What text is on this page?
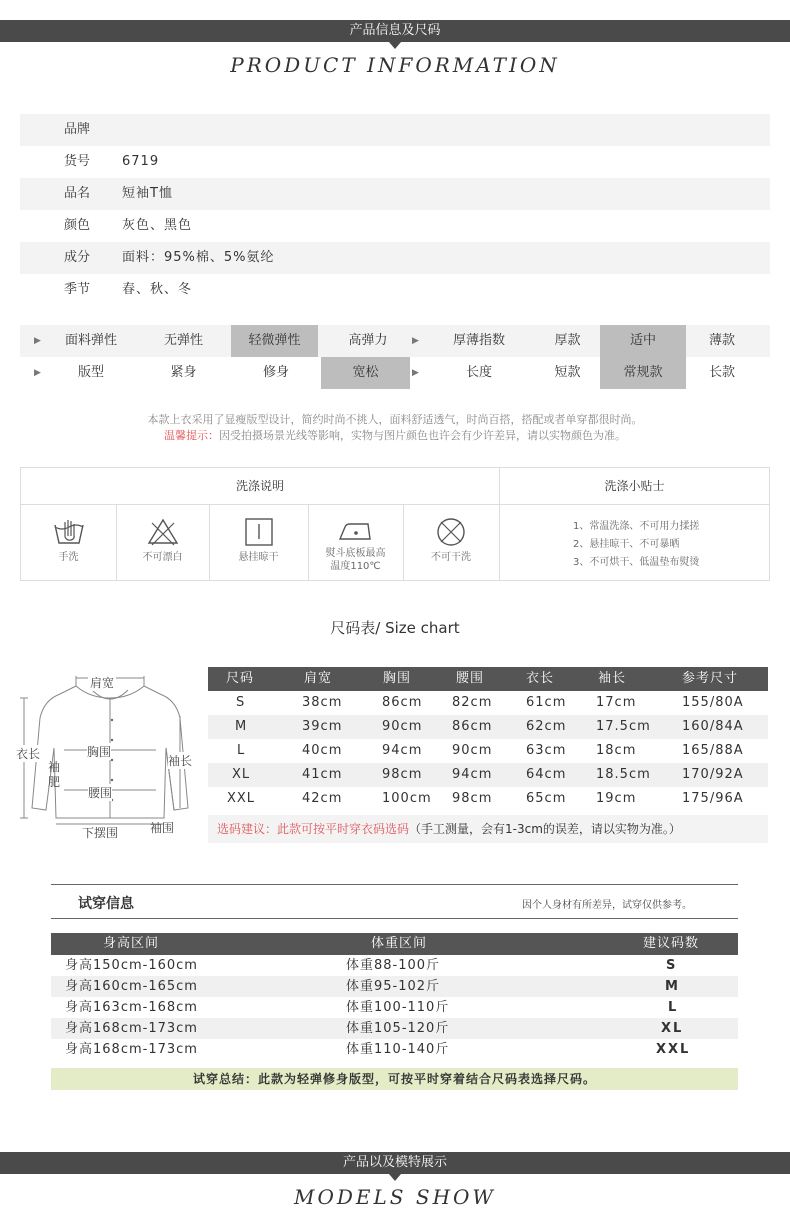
产品信息及尺码
PRODUCT INFORMATION
品牌
货号 6719
品名 短袖T恤
颜色 灰色、黑色
成分 面料：95%棉、5%氨纶
季节 春、秋、冬
▶	面料弹性	无弹性	轻微弹性	高弹力	▶	厚薄指数	厚款	适中	薄款
▶	版型	紧身	修身	宽松	▶	长度	短款	常规款	长款
本款上衣采用了显瘦版型设计，简约时尚不挑人，面料舒适透气，时尚百搭，搭配或者单穿都很时尚。
温馨提示：因受拍摄场景光线等影响，实物与图片颜色也许会有少许差异，请以实物颜色为准。
洗涤说明	洗涤小贴士
手洗	不可漂白	悬挂晾干	熨斗底板最高
温度110℃
不可干洗
1、常温洗涤、不可用力揉搓
2、悬挂晾干、不可暴晒
3、不可烘干、低温垫布熨烫
尺码表/ Size chart
肩宽
衣长	袖长
胸围
袖
肥
腰围
下摆围	袖围
尺码	肩宽	胸围	腰围	衣长	袖长	参考尺寸
S	38cm	86cm 82cm	61cm 17cm	155/80A
M	39cm	90cm 86cm	62cm 17.5cm 160/84A
L	40cm	94cm 90cm	63cm 18cm	165/88A
XL	41cm	98cm 94cm	64cm 18.5cm 170/92A
XXL	42cm	100cm 98cm	65cm 19cm	175/96A
选码建议：此款可按平时穿衣码选码（手工测量，会有1-3cm的误差，请以实物为准。）
试穿信息	因个人身材有所差异，试穿仅供参考。
身高区间	体重区间	建议码数
身高150cm-160cm	体重88-100斤	S
身高160cm-165cm	体重95-102斤	M
身高163cm-168cm	体重100-110斤	L
身高168cm-173cm	体重105-120斤	XL
身高168cm-173cm	体重110-140斤	XXL
试穿总结：此款为轻弹修身版型，可按平时穿着结合尺码表选择尺码。
产品以及模特展示
MODELS SHOW
